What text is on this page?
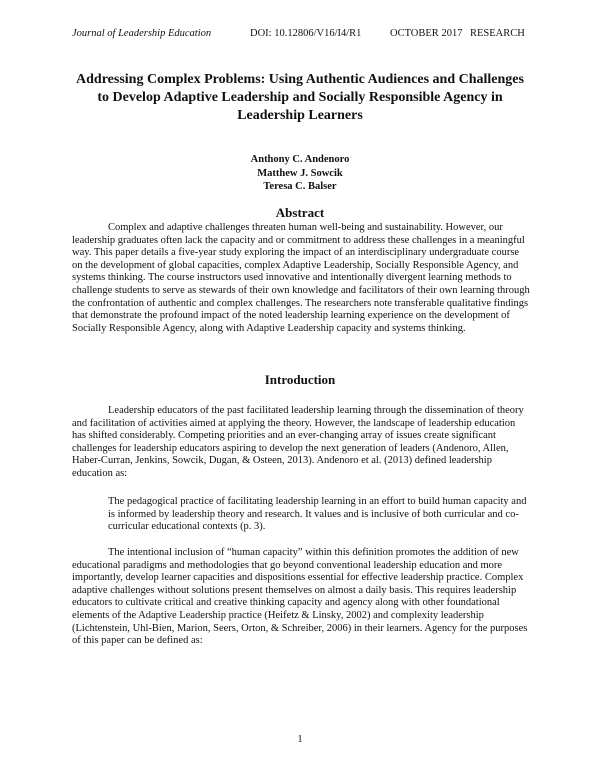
Journal of Leadership Education	DOI: 10.12806/V16/I4/R1	OCTOBER 2017 RESEARCH
Addressing Complex Problems: Using Authentic Audiences and Challenges to Develop Adaptive Leadership and Socially Responsible Agency in Leadership Learners
Anthony C. Andenoro
Matthew J. Sowcik
Teresa C. Balser
Abstract
Complex and adaptive challenges threaten human well-being and sustainability. However, our leadership graduates often lack the capacity and or commitment to address these challenges in a meaningful way. This paper details a five-year study exploring the impact of an interdisciplinary undergraduate course on the development of global capacities, complex Adaptive Leadership, Socially Responsible Agency, and systems thinking. The course instructors used innovative and intentionally divergent learning methods to challenge students to serve as stewards of their own knowledge and facilitators of their own learning through the confrontation of authentic and complex challenges. The researchers note transferable qualitative findings that demonstrate the profound impact of the noted leadership learning experience on the development of Socially Responsible Agency, along with Adaptive Leadership capacity and systems thinking.
Introduction
Leadership educators of the past facilitated leadership learning through the dissemination of theory and facilitation of activities aimed at applying the theory. However, the landscape of leadership education has shifted considerably. Competing priorities and an ever-changing array of issues create significant challenges for leadership educators aspiring to develop the next generation of leaders (Andenoro, Allen, Haber-Curran, Jenkins, Sowcik, Dugan, & Osteen, 2013). Andenoro et al. (2013) defined leadership education as:
The pedagogical practice of facilitating leadership learning in an effort to build human capacity and is informed by leadership theory and research. It values and is inclusive of both curricular and co-curricular educational contexts (p. 3).
The intentional inclusion of “human capacity” within this definition promotes the addition of new educational paradigms and methodologies that go beyond conventional leadership education and more importantly, develop learner capacities and dispositions essential for effective leadership practice. Complex adaptive challenges without solutions present themselves on almost a daily basis. This requires leadership educators to cultivate critical and creative thinking capacity and agency along with other foundational elements of the Adaptive Leadership practice (Heifetz & Linsky, 2002) and complexity leadership (Lichtenstein, Uhl-Bien, Marion, Seers, Orton, & Schreiber, 2006) in their learners. Agency for the purposes of this paper can be defined as:
1
